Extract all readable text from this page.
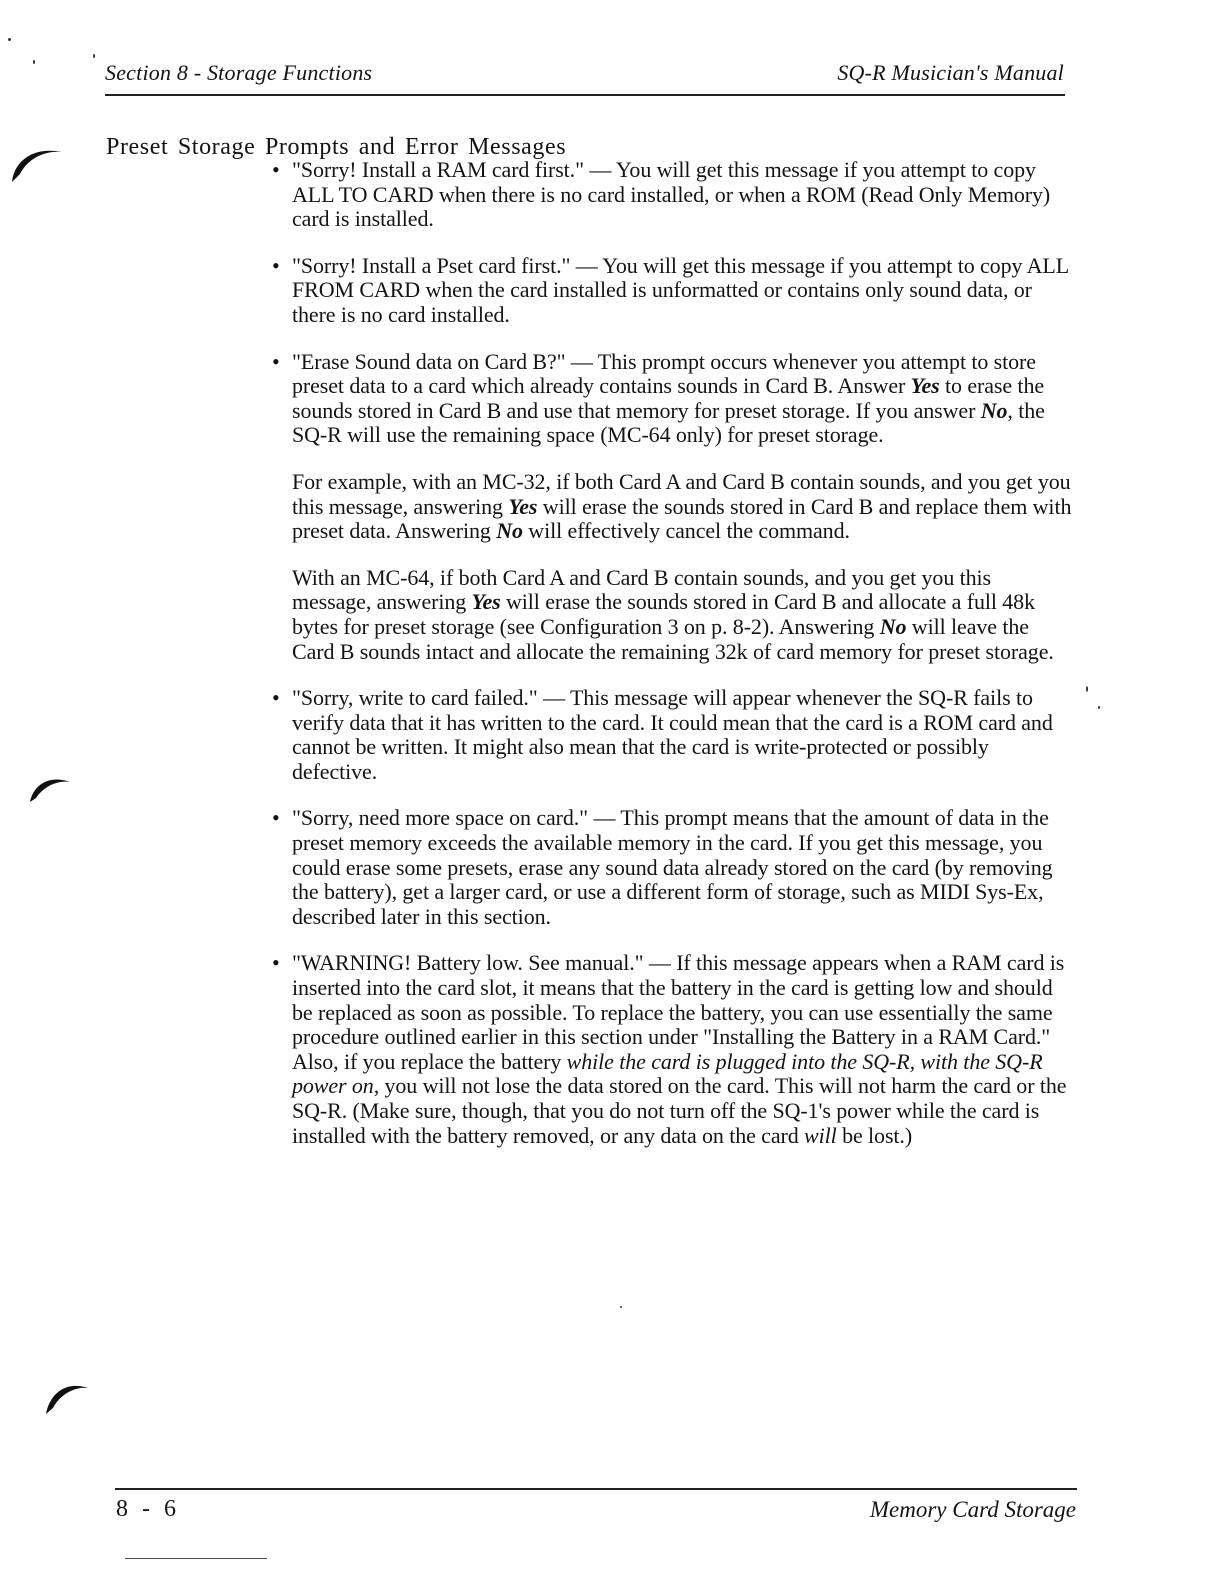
Section 8 - Storage Functions	SQ-R Musician's Manual
Preset Storage Prompts and Error Messages
• "Sorry! Install a RAM card first." — You will get this message if you attempt to copy ALL TO CARD when there is no card installed, or when a ROM (Read Only Memory) card is installed.

• "Sorry! Install a Pset card first." — You will get this message if you attempt to copy ALL FROM CARD when the card installed is unformatted or contains only sound data, or there is no card installed.

• "Erase Sound data on Card B?" — This prompt occurs whenever you attempt to store preset data to a card which already contains sounds in Card B. Answer Yes to erase the sounds stored in Card B and use that memory for preset storage. If you answer No, the SQ-R will use the remaining space (MC-64 only) for preset storage.

For example, with an MC-32, if both Card A and Card B contain sounds, and you get you this message, answering Yes will erase the sounds stored in Card B and replace them with preset data. Answering No will effectively cancel the command.

With an MC-64, if both Card A and Card B contain sounds, and you get you this message, answering Yes will erase the sounds stored in Card B and allocate a full 48k bytes for preset storage (see Configuration 3 on p. 8-2). Answering No will leave the Card B sounds intact and allocate the remaining 32k of card memory for preset storage.

• "Sorry, write to card failed." — This message will appear whenever the SQ-R fails to verify data that it has written to the card. It could mean that the card is a ROM card and cannot be written. It might also mean that the card is write-protected or possibly defective.

• "Sorry, need more space on card." — This prompt means that the amount of data in the preset memory exceeds the available memory in the card. If you get this message, you could erase some presets, erase any sound data already stored on the card (by removing the battery), get a larger card, or use a different form of storage, such as MIDI Sys-Ex, described later in this section.

• "WARNING! Battery low. See manual." — If this message appears when a RAM card is inserted into the card slot, it means that the battery in the card is getting low and should be replaced as soon as possible. To replace the battery, you can use essentially the same procedure outlined earlier in this section under "Installing the Battery in a RAM Card." Also, if you replace the battery while the card is plugged into the SQ-R, with the SQ-R power on, you will not lose the data stored on the card. This will not harm the card or the SQ-R. (Make sure, though, that you do not turn off the SQ-1's power while the card is installed with the battery removed, or any data on the card will be lost.)

8 - 6	Memory Card Storage
